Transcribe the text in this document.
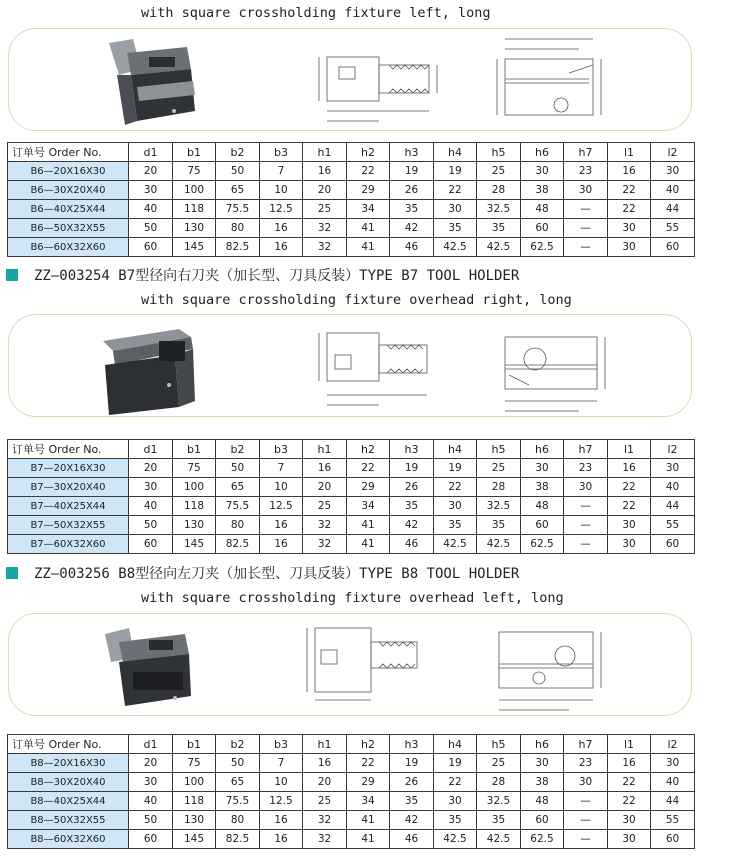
with square crossholding fixture left, long
订单号 Order No.	d1	b1	b2	b3	h1	h2	h3	h4	h5	h6	h7	l1	l2
B6—20X16X30	20	75	50	7	16	22	19	19	25	30	23	16	30
B6—30X20X40	30	100	65	10	20	29	26	22	28	38	30	22	40
B6—40X25X44	40	118	75.5	12.5	25	34	35	30	32.5	48	—	22	44
B6—50X32X55	50	130	80	16	32	41	42	35	35	60	—	30	55
B6—60X32X60	60	145	82.5	16	32	41	46	42.5	42.5	62.5	—	30	60
ZZ—003254 B7型径向右刀夹（加长型、刀具反装）TYPE B7 TOOL HOLDER
with square crossholding fixture overhead right, long
订单号 Order No.	d1	b1	b2	b3	h1	h2	h3	h4	h5	h6	h7	l1	l2
B7—20X16X30	20	75	50	7	16	22	19	19	25	30	23	16	30
B7—30X20X40	30	100	65	10	20	29	26	22	28	38	30	22	40
B7—40X25X44	40	118	75.5	12.5	25	34	35	30	32.5	48	—	22	44
B7—50X32X55	50	130	80	16	32	41	42	35	35	60	—	30	55
B7—60X32X60	60	145	82.5	16	32	41	46	42.5	42.5	62.5	—	30	60
ZZ—003256 B8型径向左刀夹（加长型、刀具反装）TYPE B8 TOOL HOLDER
with square crossholding fixture overhead left, long
订单号 Order No.	d1	b1	b2	b3	h1	h2	h3	h4	h5	h6	h7	l1	l2
B8—20X16X30	20	75	50	7	16	22	19	19	25	30	23	16	30
B8—30X20X40	30	100	65	10	20	29	26	22	28	38	30	22	40
B8—40X25X44	40	118	75.5	12.5	25	34	35	30	32.5	48	—	22	44
B8—50X32X55	50	130	80	16	32	41	42	35	35	60	—	30	55
B8—60X32X60	60	145	82.5	16	32	41	46	42.5	42.5	62.5	—	30	60
